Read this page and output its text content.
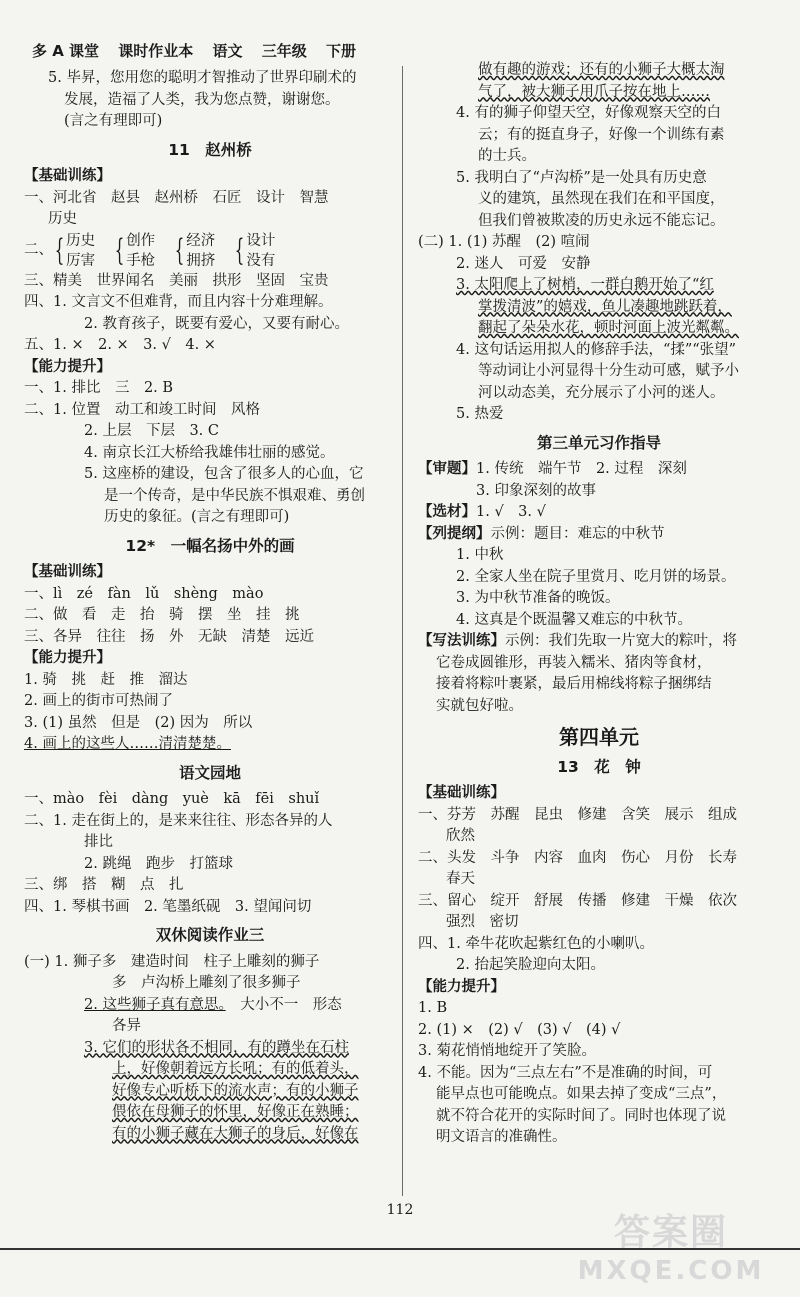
多 A 课堂 课时作业本 语文 三年级 下册
5. 毕昇，您用您的聪明才智推动了世界印刷术的
发展，造福了人类，我为您点赞，谢谢您。
(言之有理即可)
11　赵州桥
【基础训练】
一、河北省　赵县　赵州桥　石匠　设计　智慧
历史
二、 { 历史
厉害 { 创作
手枪 { 经济
拥挤 { 设计
没有
三、精美　世界闻名　美丽　拱形　坚固　宝贵
四、1. 文言文不但难背，而且内容十分难理解。
2. 教育孩子，既要有爱心，又要有耐心。
五、1. ×　2. ×　3. √　4. ×
【能力提升】
一、1. 排比　三　2. B
二、1. 位置　动工和竣工时间　风格
2. 上层　下层　3. C
4. 南京长江大桥给我雄伟壮丽的感觉。
5. 这座桥的建设，包含了很多人的心血，它
是一个传奇，是中华民族不惧艰难、勇创
历史的象征。(言之有理即可)
12*　一幅名扬中外的画
【基础训练】
一、lì　zé　fàn　lǔ　shèng　mào
二、做　看　走　抬　骑　摆　坐　挂　挑
三、各异　往往　扬　外　无缺　清楚　远近
【能力提升】
1. 骑　挑　赶　推　溜达
2. 画上的街市可热闹了
3. (1) 虽然　但是　(2) 因为　所以
4. 画上的这些人……清清楚楚。
语文园地
一、mào　fèi　dàng　yuè　kā　fēi　shuǐ
二、1. 走在街上的，是来来往往、形态各异的人
排比
2. 跳绳　跑步　打篮球
三、绑　搭　糊　点　扎
四、1. 琴棋书画　2. 笔墨纸砚　3. 望闻问切
双休阅读作业三
(一) 1. 狮子多　建造时间　柱子上雕刻的狮子
多　卢沟桥上雕刻了很多狮子
2. 这些狮子真有意思。　大小不一　形态
各异
3. 它们的形状各不相同，有的蹲坐在石柱
上，好像朝着远方长吼；有的低着头，
好像专心听桥下的流水声；有的小狮子
偎依在母狮子的怀里，好像正在熟睡；
有的小狮子藏在大狮子的身后，好像在
做有趣的游戏；还有的小狮子大概太淘
气了，被大狮子用爪子按在地上……
4. 有的狮子仰望天空，好像观察天空的白
云；有的挺直身子，好像一个训练有素
的士兵。
5. 我明白了“卢沟桥”是一处具有历史意
义的建筑，虽然现在我们在和平国度，
但我们曾被欺凌的历史永远不能忘记。
(二) 1. (1) 苏醒　(2) 喧闹
2. 迷人　可爱　安静
3. 太阳爬上了树梢，一群白鹅开始了“红
掌拨清波”的嬉戏，鱼儿凑趣地跳跃着，
翻起了朵朵水花，顿时河面上波光粼粼。
4. 这句话运用拟人的修辞手法，“揉”“张望”
等动词让小河显得十分生动可感，赋予小
河以动态美，充分展示了小河的迷人。
5. 热爱
第三单元习作指导
【审题】1. 传统　端午节　2. 过程　深刻
3. 印象深刻的故事
【选材】1. √　3. √
【列提纲】示例：题目：难忘的中秋节
1. 中秋
2. 全家人坐在院子里赏月、吃月饼的场景。
3. 为中秋节准备的晚饭。
4. 这真是个既温馨又难忘的中秋节。
【写法训练】示例：我们先取一片宽大的粽叶，将
它卷成圆锥形，再装入糯米、猪肉等食材，
接着将粽叶裹紧，最后用棉线将粽子捆绑结
实就包好啦。
第四单元
13　花　钟
【基础训练】
一、芬芳　苏醒　昆虫　修建　含笑　展示　组成
欣然
二、头发　斗争　内容　血肉　伤心　月份　长寿
春天
三、留心　绽开　舒展　传播　修建　干燥　依次
强烈　密切
四、1. 牵牛花吹起紫红色的小喇叭。
2. 抬起笑脸迎向太阳。
【能力提升】
1. B
2. (1) ×　(2) √　(3) √　(4) √
3. 菊花悄悄地绽开了笑脸。
4. 不能。因为“三点左右”不是准确的时间，可
能早点也可能晚点。如果去掉了变成“三点”，
就不符合花开的实际时间了。同时也体现了说
明文语言的准确性。
112
答案圈
MXQE.COM
